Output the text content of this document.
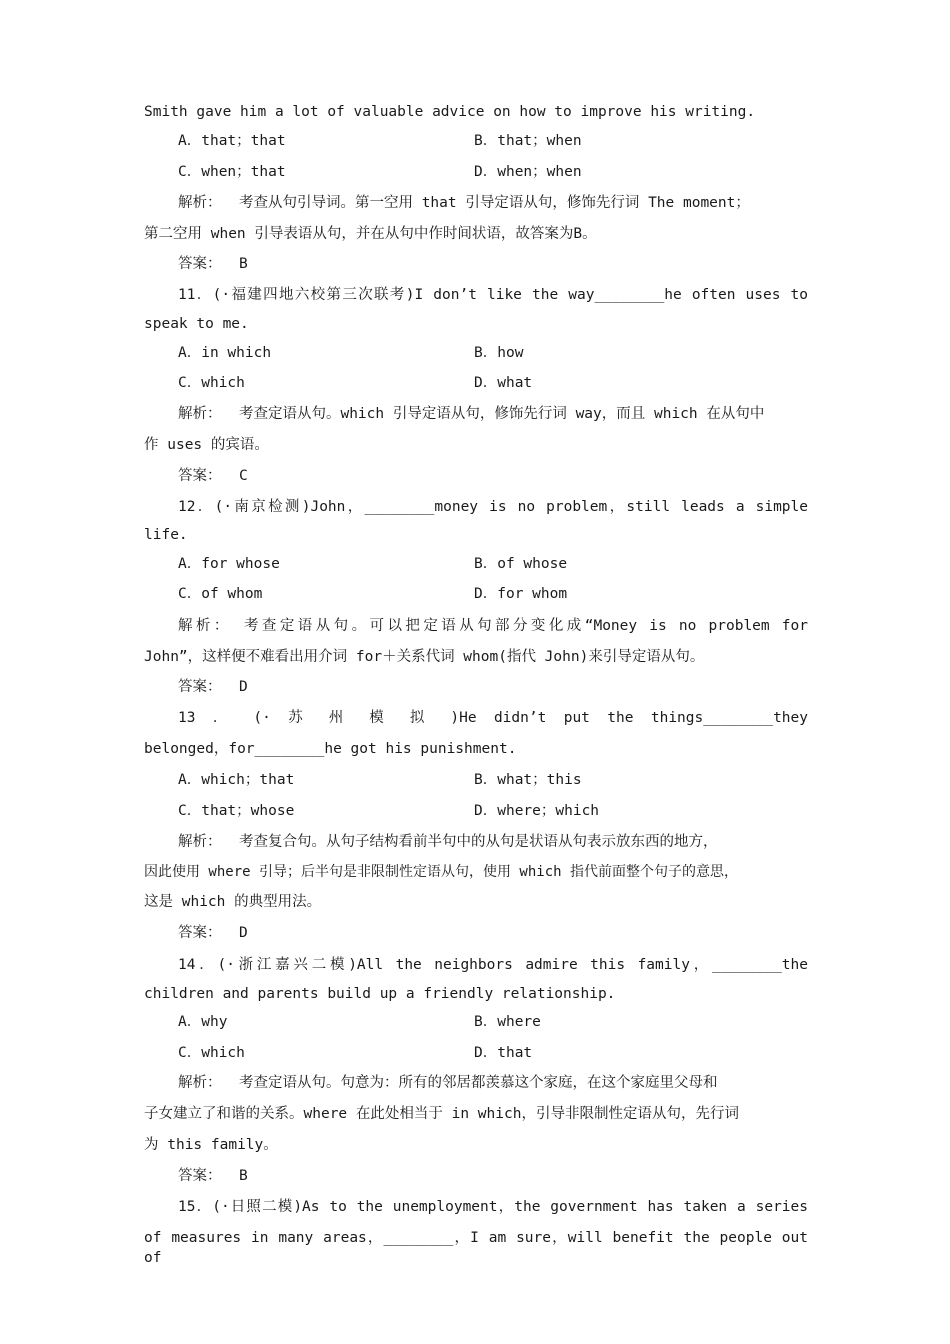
Smith gave him a lot of valuable advice on how to improve his writing.
A．that；that	B．that；when
C．when；that	D．when；when
解析：  考查从句引导词。第一空用 that 引导定语从句，修饰先行词 The moment；
第二空用 when 引导表语从句，并在从句中作时间状语，故答案为B。
答案：  B
11．(·福建四地六校第三次联考)I don’t like the way________he often uses to
speak to me.
A．in which	B．how
C．which	D．what
解析：  考查定语从句。which 引导定语从句，修饰先行词 way，而且 which 在从句中
作 uses 的宾语。
答案：  C
12．(·南京检测)John，________money is no problem，still leads a simple
life.
A．for whose	B．of whose
C．of whom	D．for whom
解析： 考查定语从句。可以把定语从句部分变化成“Money is no problem for
John”，这样便不难看出用介词 for＋关系代词 whom(指代 John)来引导定语从句。
答案：  D
13 ． (· 苏 州 模 拟 )He didn’t put the things________they
belonged，for________he got his punishment.
A．which；that	B．what；this
C．that；whose	D．where；which
解析：  考查复合句。从句子结构看前半句中的从句是状语从句表示放东西的地方，
因此使用 where 引导；后半句是非限制性定语从句，使用 which 指代前面整个句子的意思，
这是 which 的典型用法。
答案：  D
14．(·浙江嘉兴二模)All the neighbors admire this family，________the
children and parents build up a friendly relationship.
A．why	B．where
C．which	D．that
解析：  考查定语从句。句意为：所有的邻居都羡慕这个家庭，在这个家庭里父母和
子女建立了和谐的关系。where 在此处相当于 in which，引导非限制性定语从句，先行词
为 this family。
答案：  B
15．(·日照二模)As to the unemployment，the government has taken a series
of measures in many areas，________，I am sure，will benefit the people out of
